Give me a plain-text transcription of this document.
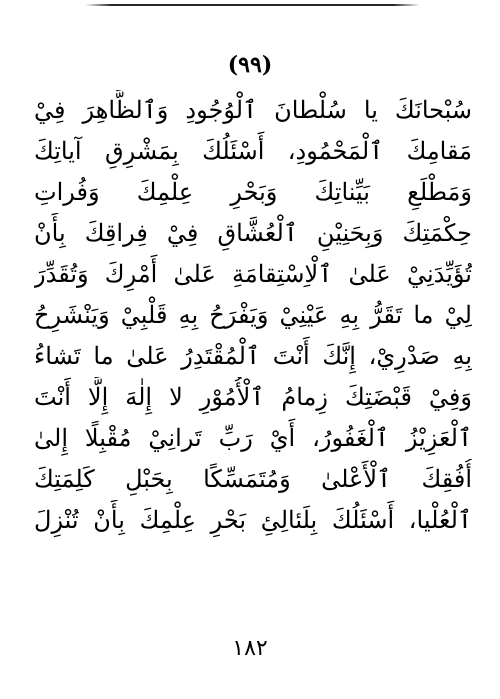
(٩٩)
سُبْحانَكَ يا سُلْطانَ ٱلْوُجُودِ وَٱلظَّاهِرَ فِيْ
مَقامِكَ ٱلْمَحْمُودِ، أَسْئَلُكَ بِمَشْرِقِ آياتِكَ
وَمَطْلَعِ بَيِّناتِكَ وَبَحْرِ عِلْمِكَ وَفُراتِ
حِكْمَتِكَ وَبِحَنِيْنِ ٱلْعُشَّاقِ فِيْ فِراقِكَ بِأَنْ
تُؤَيِّدَنِيْ عَلىٰ ٱلْاِسْتِقامَةِ عَلىٰ أَمْرِكَ وَتُقَدِّرَ
لِيْ ما تَقَرُّ بِهِ عَيْنِيْ وَيَفْرَحُ بِهِ قَلْبِيْ وَيَنْشَرِحُ
بِهِ صَدْرِيْ، إِنَّكَ أَنْتَ ٱلْمُقْتَدِرُ عَلىٰ ما تَشاءُ
وَفِيْ قَبْضَتِكَ زِمامُ ٱلْأُمُوْرِ لا إِلٰهَ إِلَّا أَنْتَ
ٱلْعَزِيْزُ ٱلْغَفُورُ، أَيْ رَبِّ تَرانِيْ مُقْبِلًا إِلىٰ
أُفُقِكَ ٱلْأَعْلىٰ وَمُتَمَسِّكًا بِحَبْلِ كَلِمَتِكَ
ٱلْعُلْيا، أَسْئَلُكَ بِلَئالِئِ بَحْرِ عِلْمِكَ بِأَنْ تُنْزِلَ
١٨٢
